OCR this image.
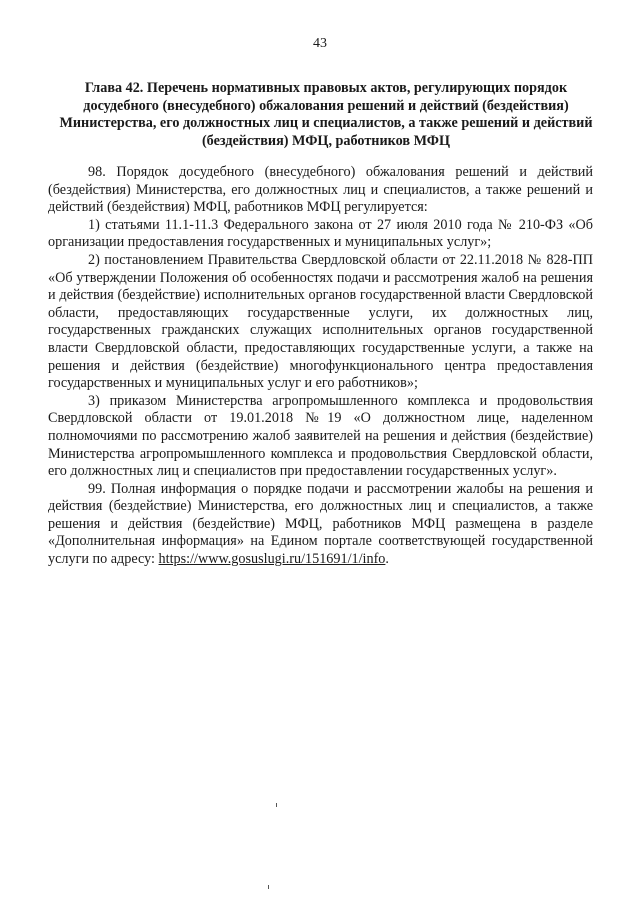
43
Глава 42. Перечень нормативных правовых актов, регулирующих порядок досудебного (внесудебного) обжалования решений и действий (бездействия) Министерства, его должностных лиц и специалистов, а также решений и действий (бездействия) МФЦ, работников МФЦ

98. Порядок досудебного (внесудебного) обжалования решений и действий (бездействия) Министерства, его должностных лиц и специалистов, а также решений и действий (бездействия) МФЦ, работников МФЦ регулируется:

1) статьями 11.1-11.3 Федерального закона от 27 июля 2010 года № 210-ФЗ «Об организации предоставления государственных и муниципальных услуг»;

2) постановлением Правительства Свердловской области от 22.11.2018 № 828-ПП «Об утверждении Положения об особенностях подачи и рассмотрения жалоб на решения и действия (бездействие) исполнительных органов государственной власти Свердловской области, предоставляющих государственные услуги, их должностных лиц, государственных гражданских служащих исполнительных органов государственной власти Свердловской области, предоставляющих государственные услуги, а также на решения и действия (бездействие) многофункционального центра предоставления государственных и муниципальных услуг и его работников»;

3) приказом Министерства агропромышленного комплекса и продовольствия Свердловской области от 19.01.2018 №19 «О должностном лице, наделенном полномочиями по рассмотрению жалоб заявителей на решения и действия (бездействие) Министерства агропромышленного комплекса и продовольствия Свердловской области, его должностных лиц и специалистов при предоставлении государственных услуг».

99. Полная информация о порядке подачи и рассмотрении жалобы на решения и действия (бездействие) Министерства, его должностных лиц и специалистов, а также решения и действия (бездействие) МФЦ, работников МФЦ размещена в разделе «Дополнительная информация» на Едином портале соответствующей государственной услуги по адресу: https://www.gosuslugi.ru/151691/1/info.
